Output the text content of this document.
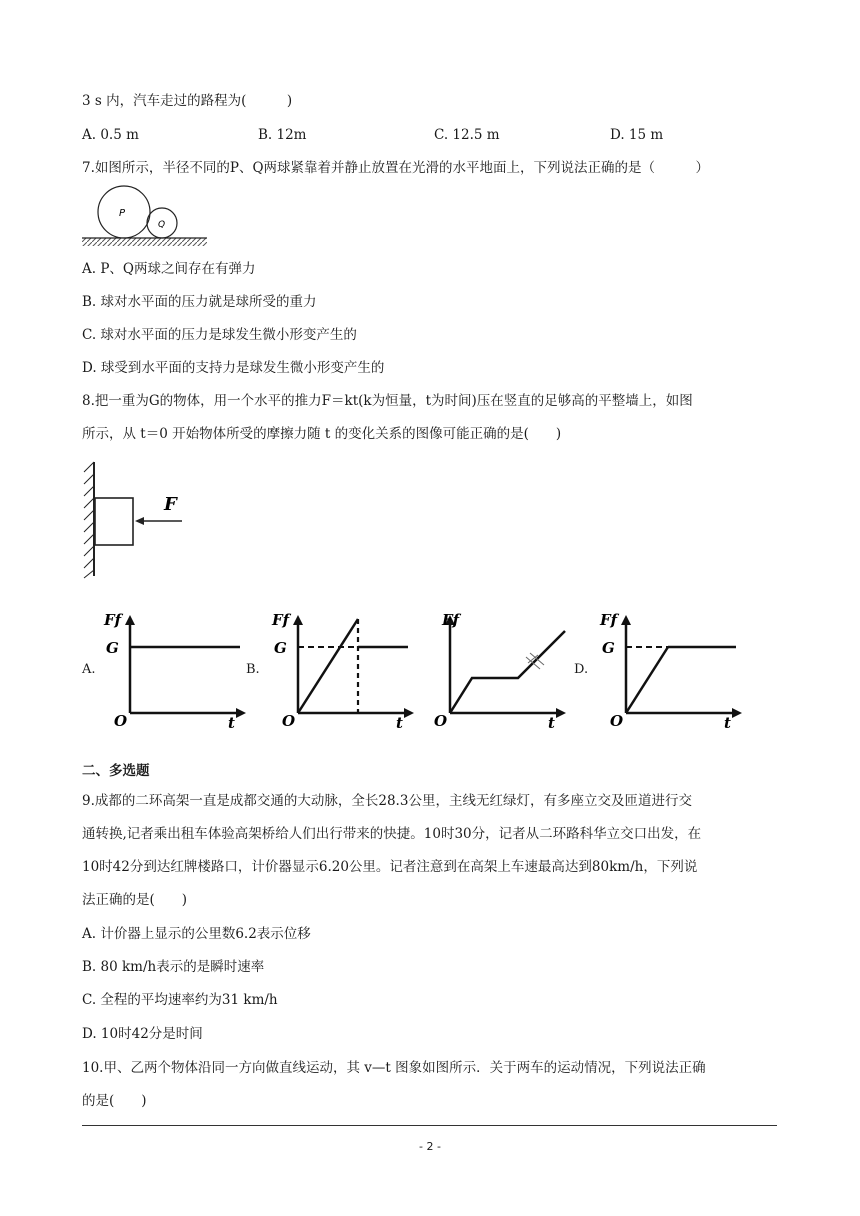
3 s 内，汽车走过的路程为(　　　)
A. 0.5 m	B. 12m	C. 12.5 m	D. 15 m
7.如图所示，半径不同的P、Q两球紧靠着并静止放置在光滑的水平地面上，下列说法正确的是（　　　）
P
Q
A. P、Q两球之间存在有弹力
B. 球对水平面的压力就是球所受的重力
C. 球对水平面的压力是球发生微小形变产生的
D. 球受到水平面的支持力是球发生微小形变产生的
8.把一重为G的物体，用一个水平的推力F＝kt(k为恒量，t为时间)压在竖直的足够高的平整墙上，如图
所示，从 t＝0 开始物体所受的摩擦力随 t 的变化关系的图像可能正确的是(　　)
F
A.
Ff
G
O	t
B.
Ff
G
O	t
Ff
O	t
D.
Ff
G
O	t
二、多选题
9.成都的二环高架一直是成都交通的大动脉，全长28.3公里，主线无红绿灯，有多座立交及匝道进行交
通转换,记者乘出租车体验高架桥给人们出行带来的快捷。10时30分，记者从二环路科华立交口出发，在
10时42分到达红牌楼路口，计价器显示6.20公里。记者注意到在高架上车速最高达到80km/h，下列说
法正确的是(　　)
A. 计价器上显示的公里数6.2表示位移
B. 80 km/h表示的是瞬时速率
C. 全程的平均速率约为31 km/h
D. 10时42分是时间
10.甲、乙两个物体沿同一方向做直线运动，其 v—t 图象如图所示．关于两车的运动情况，下列说法正确
的是(　　)
- 2 -
